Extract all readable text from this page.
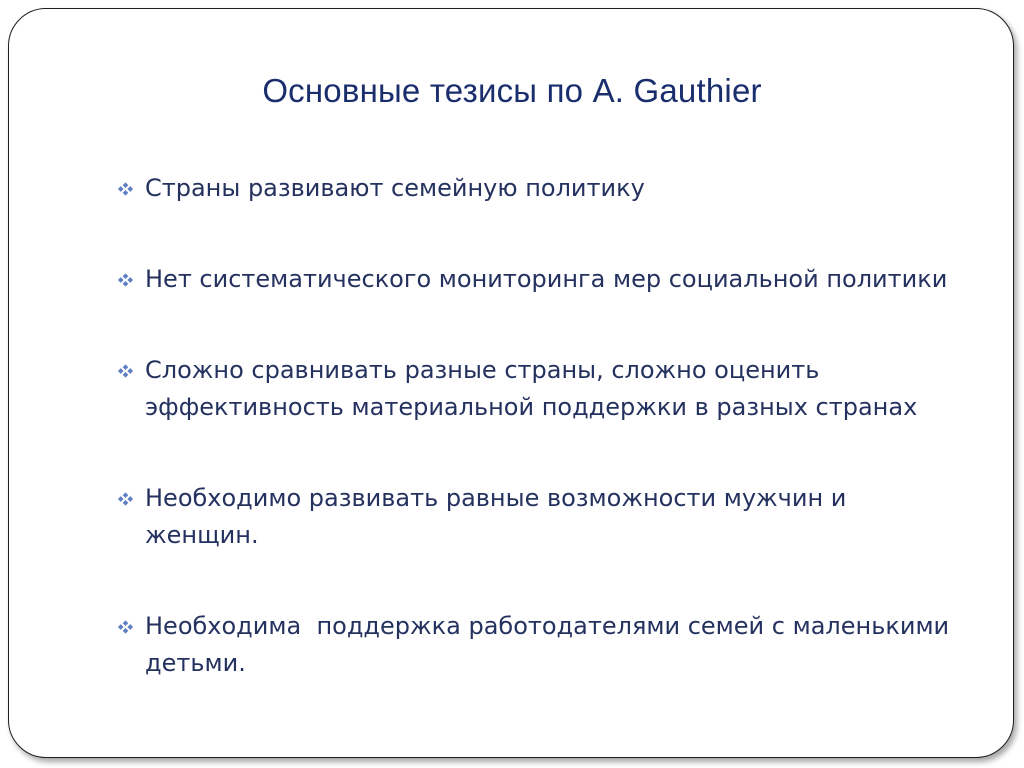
Основные тезисы по A. Gauthier
Страны развивают семейную политику
Нет систематического мониторинга мер социальной политики
Сложно сравнивать разные страны, сложно оценить эффективность материальной поддержки в разных странах
Необходимо развивать равные возможности мужчин и женщин.
Необходима  поддержка работодателями семей с маленькими детьми.
